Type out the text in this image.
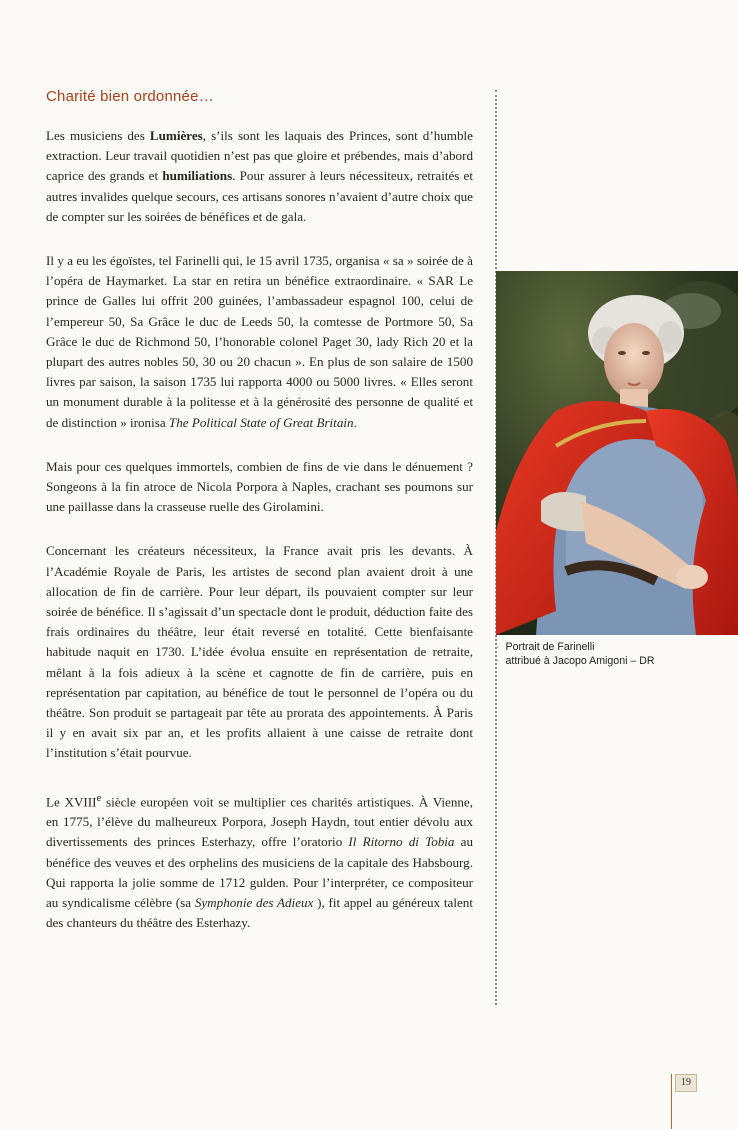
Charité bien ordonnée…

Les musiciens des Lumières, s’ils sont les laquais des Princes, sont d’humble extraction. Leur travail quotidien n’est pas que gloire et prébendes, mais d’abord caprice des grands et humiliations. Pour assurer à leurs nécessiteux, retraités et autres invalides quelque secours, ces artisans sonores n’avaient d’autre choix que de compter sur les soirées de bénéfices et de gala.

Il y a eu les égoïstes, tel Farinelli qui, le 15 avril 1735, organisa « sa » soirée de à l’opéra de Haymarket. La star en retira un bénéfice extraordinaire. « SAR Le prince de Galles lui offrit 200 guinées, l’ambassadeur espagnol 100, celui de l’empereur 50, Sa Grâce le duc de Leeds 50, la comtesse de Portmore 50, Sa Grâce le duc de Richmond 50, l’honorable colonel Paget 30, lady Rich 20 et la plupart des autres nobles 50, 30 ou 20 chacun ». En plus de son salaire de 1500 livres par saison, la saison 1735 lui rapporta 4000 ou 5000 livres. « Elles seront un monument durable à la politesse et à la générosité des personne de qualité et de distinction » ironisa The Political State of Great Britain.

Mais pour ces quelques immortels, combien de fins de vie dans le dénuement ? Songeons à la fin atroce de Nicola Porpora à Naples, crachant ses poumons sur une paillasse dans la crasseuse ruelle des Girolamini.

Concernant les créateurs nécessiteux, la France avait pris les devants. À l’Académie Royale de Paris, les artistes de second plan avaient droit à une allocation de fin de carrière. Pour leur départ, ils pouvaient compter sur leur soirée de bénéfice. Il s’agissait d’un spectacle dont le produit, déduction faite des frais ordinaires du théâtre, leur était reversé en totalité. Cette bienfaisante habitude naquit en 1730. L’idée évolua ensuite en représentation de retraite, mêlant à la fois adieux à la scène et cagnotte de fin de carrière, puis en représentation par capitation, au bénéfice de tout le personnel de l’opéra ou du théâtre. Son produit se partageait par tête au prorata des appointements. À Paris il y en avait six par an, et les profits allaient à une caisse de retraite dont l’institution s’était pourvue.

Le XVIIIe siècle européen voit se multiplier ces charités artistiques. À Vienne, en 1775, l’élève du malheureux Porpora, Joseph Haydn, tout entier dévolu aux divertissements des princes Esterhazy, offre l’oratorio Il Ritorno di Tobia au bénéfice des veuves et des orphelins des musiciens de la capitale des Habsbourg. Qui rapporta la jolie somme de 1712 gulden. Pour l’interpréter, ce compositeur au syndicalisme célèbre (sa Symphonie des Adieux ), fit appel au généreux talent des chanteurs du théâtre des Esterhazy.

· Portrait de Farinelli
· attribué à Jacopo Amigoni – DR
19
